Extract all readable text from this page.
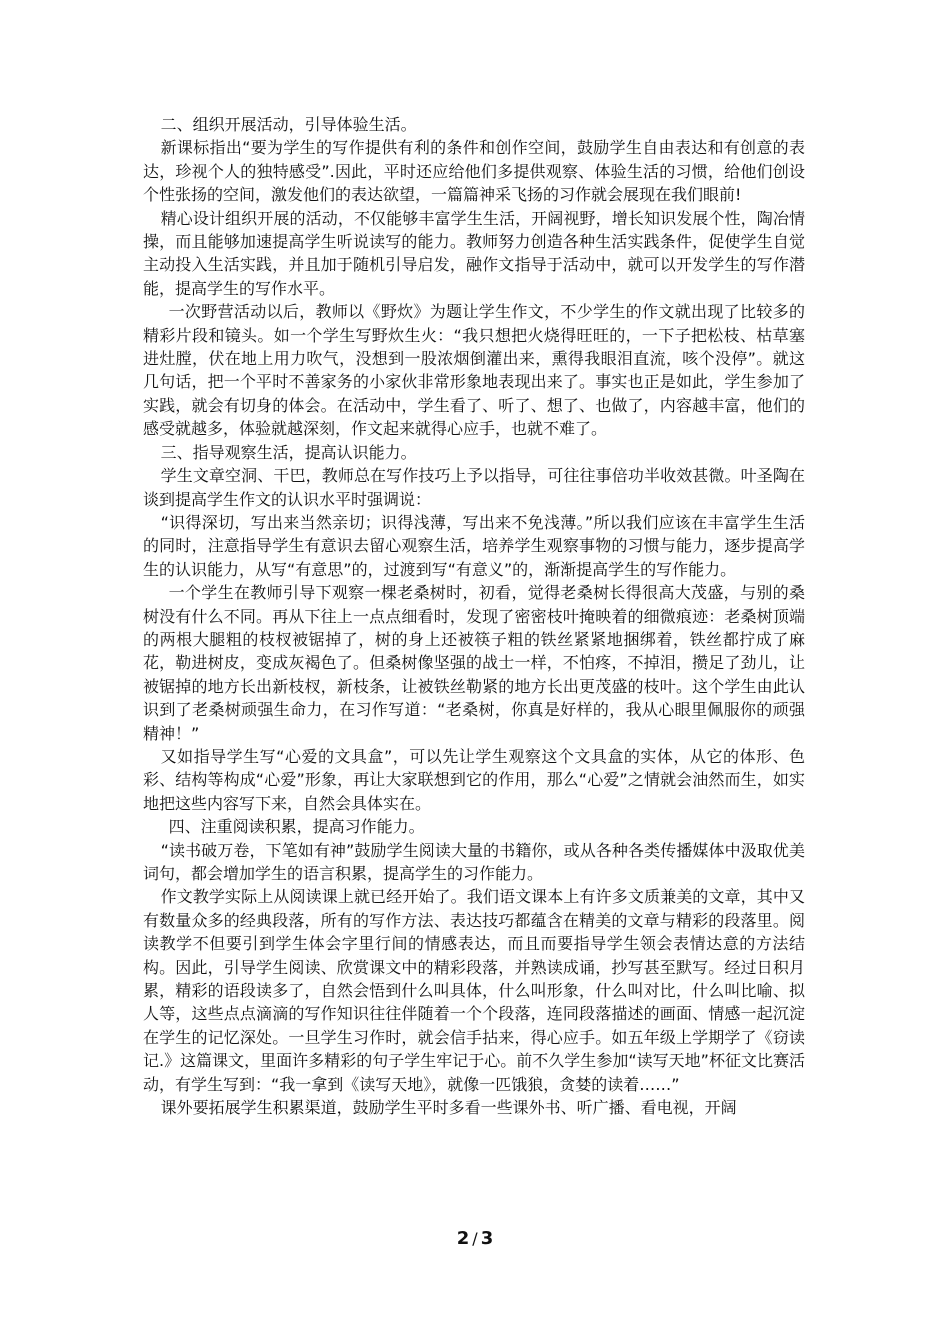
二、组织开展活动，引导体验生活。

新课标指出“要为学生的写作提供有利的条件和创作空间，鼓励学生自由表达和有创意的表达，珍视个人的独特感受”.因此，平时还应给他们多提供观察、体验生活的习惯，给他们创设个性张扬的空间，激发他们的表达欲望，一篇篇神采飞扬的习作就会展现在我们眼前!

精心设计组织开展的活动，不仅能够丰富学生生活，开阔视野，增长知识发展个性，陶冶情操，而且能够加速提高学生听说读写的能力。教师努力创造各种生活实践条件，促使学生自觉主动投入生活实践，并且加于随机引导启发，融作文指导于活动中，就可以开发学生的写作潜能，提高学生的写作水平。

一次野营活动以后，教师以《野炊》为题让学生作文，不少学生的作文就出现了比较多的精彩片段和镜头。如一个学生写野炊生火：“我只想把火烧得旺旺的，一下子把松枝、枯草塞进灶膛，伏在地上用力吹气，没想到一股浓烟倒灌出来，熏得我眼泪直流，咳个没停”。就这几句话，把一个平时不善家务的小家伙非常形象地表现出来了。事实也正是如此，学生参加了实践，就会有切身的体会。在活动中，学生看了、听了、想了、也做了，内容越丰富，他们的感受就越多，体验就越深刻，作文起来就得心应手，也就不难了。

三、指导观察生活，提高认识能力。

学生文章空洞、干巴，教师总在写作技巧上予以指导，可往往事倍功半收效甚微。叶圣陶在谈到提高学生作文的认识水平时强调说：

“识得深切，写出来当然亲切；识得浅薄，写出来不免浅薄。”所以我们应该在丰富学生生活的同时，注意指导学生有意识去留心观察生活，培养学生观察事物的习惯与能力，逐步提高学生的认识能力，从写“有意思”的，过渡到写“有意义”的，渐渐提高学生的写作能力。

一个学生在教师引导下观察一棵老桑树时，初看，觉得老桑树长得很高大茂盛，与别的桑树没有什么不同。再从下往上一点点细看时，发现了密密枝叶掩映着的细微痕迹：老桑树顶端的两根大腿粗的枝杈被锯掉了，树的身上还被筷子粗的铁丝紧紧地捆绑着，铁丝都拧成了麻花，勒进树皮，变成灰褐色了。但桑树像坚强的战士一样，不怕疼，不掉泪，攒足了劲儿，让被锯掉的地方长出新枝杈，新枝条，让被铁丝勒紧的地方长出更茂盛的枝叶。这个学生由此认识到了老桑树顽强生命力，在习作写道：“老桑树，你真是好样的，我从心眼里佩服你的顽强精神！”

又如指导学生写“心爱的文具盒”，可以先让学生观察这个文具盒的实体，从它的体形、色彩、结构等构成“心爱”形象，再让大家联想到它的作用，那么“心爱”之情就会油然而生，如实地把这些内容写下来，自然会具体实在。

四、注重阅读积累，提高习作能力。

“读书破万卷，下笔如有神”鼓励学生阅读大量的书籍你，或从各种各类传播媒体中汲取优美词句，都会增加学生的语言积累，提高学生的习作能力。

作文教学实际上从阅读课上就已经开始了。我们语文课本上有许多文质兼美的文章，其中又有数量众多的经典段落，所有的写作方法、表达技巧都蕴含在精美的文章与精彩的段落里。阅读教学不但要引到学生体会字里行间的情感表达，而且而要指导学生领会表情达意的方法结构。因此，引导学生阅读、欣赏课文中的精彩段落，并熟读成诵，抄写甚至默写。经过日积月累，精彩的语段读多了，自然会悟到什么叫具体，什么叫形象，什么叫对比，什么叫比喻、拟人等，这些点点滴滴的写作知识往往伴随着一个个段落，连同段落描述的画面、情感一起沉淀在学生的记忆深处。一旦学生习作时，就会信手拈来，得心应手。如五年级上学期学了《窃读记.》这篇课文，里面许多精彩的句子学生牢记于心。前不久学生参加“读写天地”杯征文比赛活动，有学生写到：“我一拿到《读写天地》，就像一匹饿狼，贪婪的读着……”

课外要拓展学生积累渠道，鼓励学生平时多看一些课外书、听广播、看电视，开阔

2 / 3
